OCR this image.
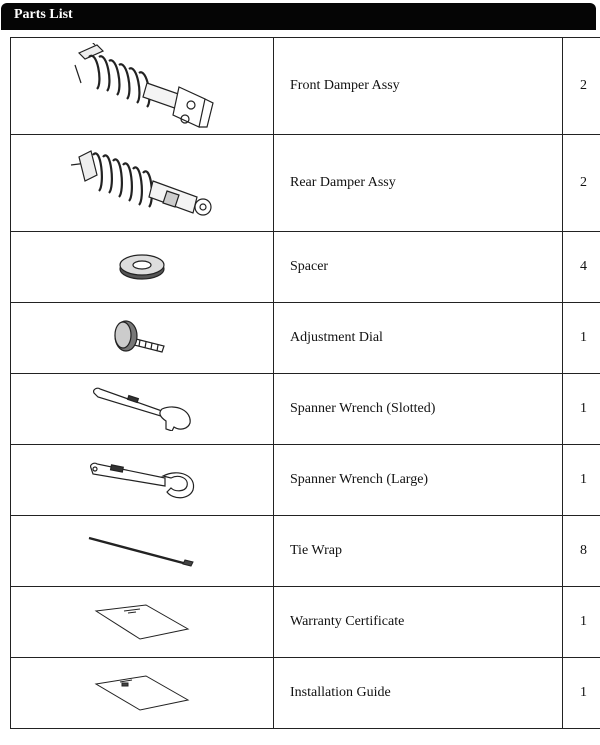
Parts List
	Front Damper Assy	2

	Rear Damper Assy	2

	Spacer	4

	Adjustment Dial	1

	Spanner Wrench (Slotted)	1

	Spanner Wrench (Large)	1

	Tie Wrap	8

	Warranty Certificate	1

	Installation Guide	1
